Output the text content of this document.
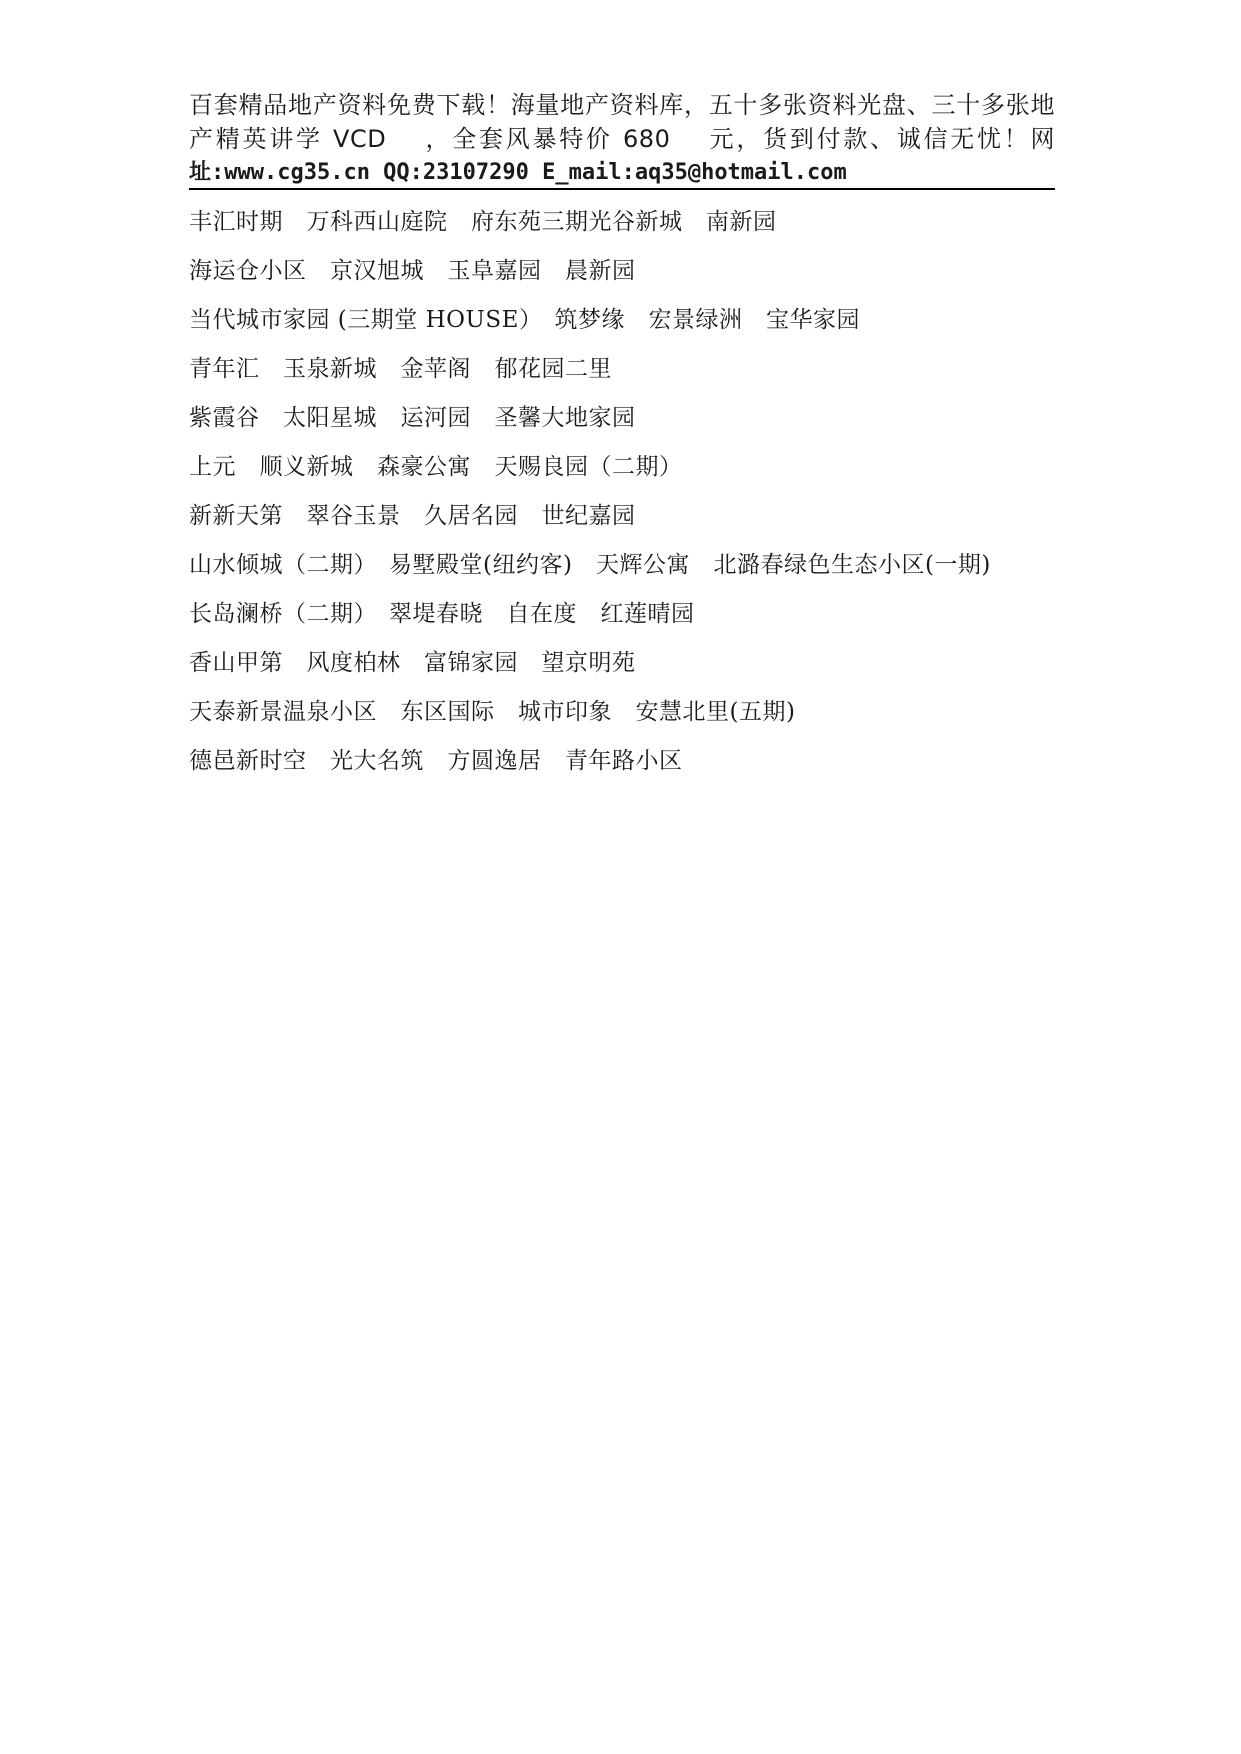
百套精品地产资料免费下载！海量地产资料库，五十多张资料光盘、三十多张地
产精英讲学 VCD　 ，全套风暴特价 680　 元，货到付款、诚信无忧！网
址:www.cg35.cn QQ:23107290 E_mail:aq35@hotmail.com
丰汇时期　万科西山庭院　府东苑三期光谷新城　南新园
海运仓小区　京汉旭城　玉阜嘉园　晨新园
当代城市家园 (三期堂 HOUSE）　筑梦缘　宏景绿洲　宝华家园
青年汇　玉泉新城　金苹阁　郁花园二里
紫霞谷　太阳星城　运河园　圣馨大地家园
上元　顺义新城　森豪公寓　天赐良园（二期）
新新天第　翠谷玉景　久居名园　世纪嘉园
山水倾城（二期）　易墅殿堂(纽约客)　天辉公寓　北潞春绿色生态小区(一期)
长岛澜桥（二期）　翠堤春晓　自在度　红莲晴园
香山甲第　风度柏林　富锦家园　望京明苑
天泰新景温泉小区　东区国际　城市印象　安慧北里(五期)
德邑新时空　光大名筑　方圆逸居　青年路小区
